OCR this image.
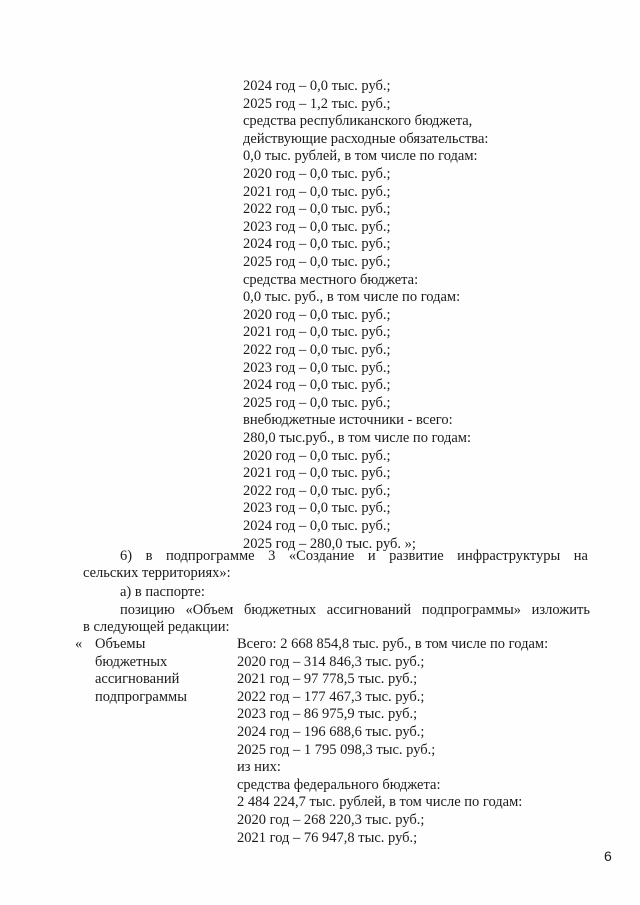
2024 год – 0,0 тыс. руб.;
2025 год – 1,2 тыс. руб.;
средства республиканского бюджета,
действующие расходные обязательства:
0,0 тыс. рублей, в том числе по годам:
2020 год – 0,0 тыс. руб.;
2021 год – 0,0 тыс. руб.;
2022 год – 0,0 тыс. руб.;
2023 год – 0,0 тыс. руб.;
2024 год – 0,0 тыс. руб.;
2025 год – 0,0 тыс. руб.;
средства местного бюджета:
0,0 тыс. руб., в том числе по годам:
2020 год – 0,0 тыс. руб.;
2021 год – 0,0 тыс. руб.;
2022 год – 0,0 тыс. руб.;
2023 год – 0,0 тыс. руб.;
2024 год – 0,0 тыс. руб.;
2025 год – 0,0 тыс. руб.;
внебюджетные источники - всего:
280,0 тыс.руб., в том числе по годам:
2020 год – 0,0 тыс. руб.;
2021 год – 0,0 тыс. руб.;
2022 год – 0,0 тыс. руб.;
2023 год – 0,0 тыс. руб.;
2024 год – 0,0 тыс. руб.;
2025 год – 280,0 тыс. руб. »;
6) в подпрограмме 3 «Создание и развитие инфраструктуры на
сельских территориях»:
а) в паспорте:
позицию «Объем бюджетных ассигнований подпрограммы» изложить
в следующей редакции:
« Объемы
бюджетных
ассигнований
подпрограммы
Всего: 2 668 854,8 тыс. руб., в том числе по годам:
2020 год – 314 846,3 тыс. руб.;
2021 год – 97 778,5 тыс. руб.;
2022 год – 177 467,3 тыс. руб.;
2023 год – 86 975,9 тыс. руб.;
2024 год – 196 688,6 тыс. руб.;
2025 год – 1 795 098,3 тыс. руб.;
из них:
средства федерального бюджета:
2 484 224,7 тыс. рублей, в том числе по годам:
2020 год – 268 220,3 тыс. руб.;
2021 год – 76 947,8 тыс. руб.;
6
